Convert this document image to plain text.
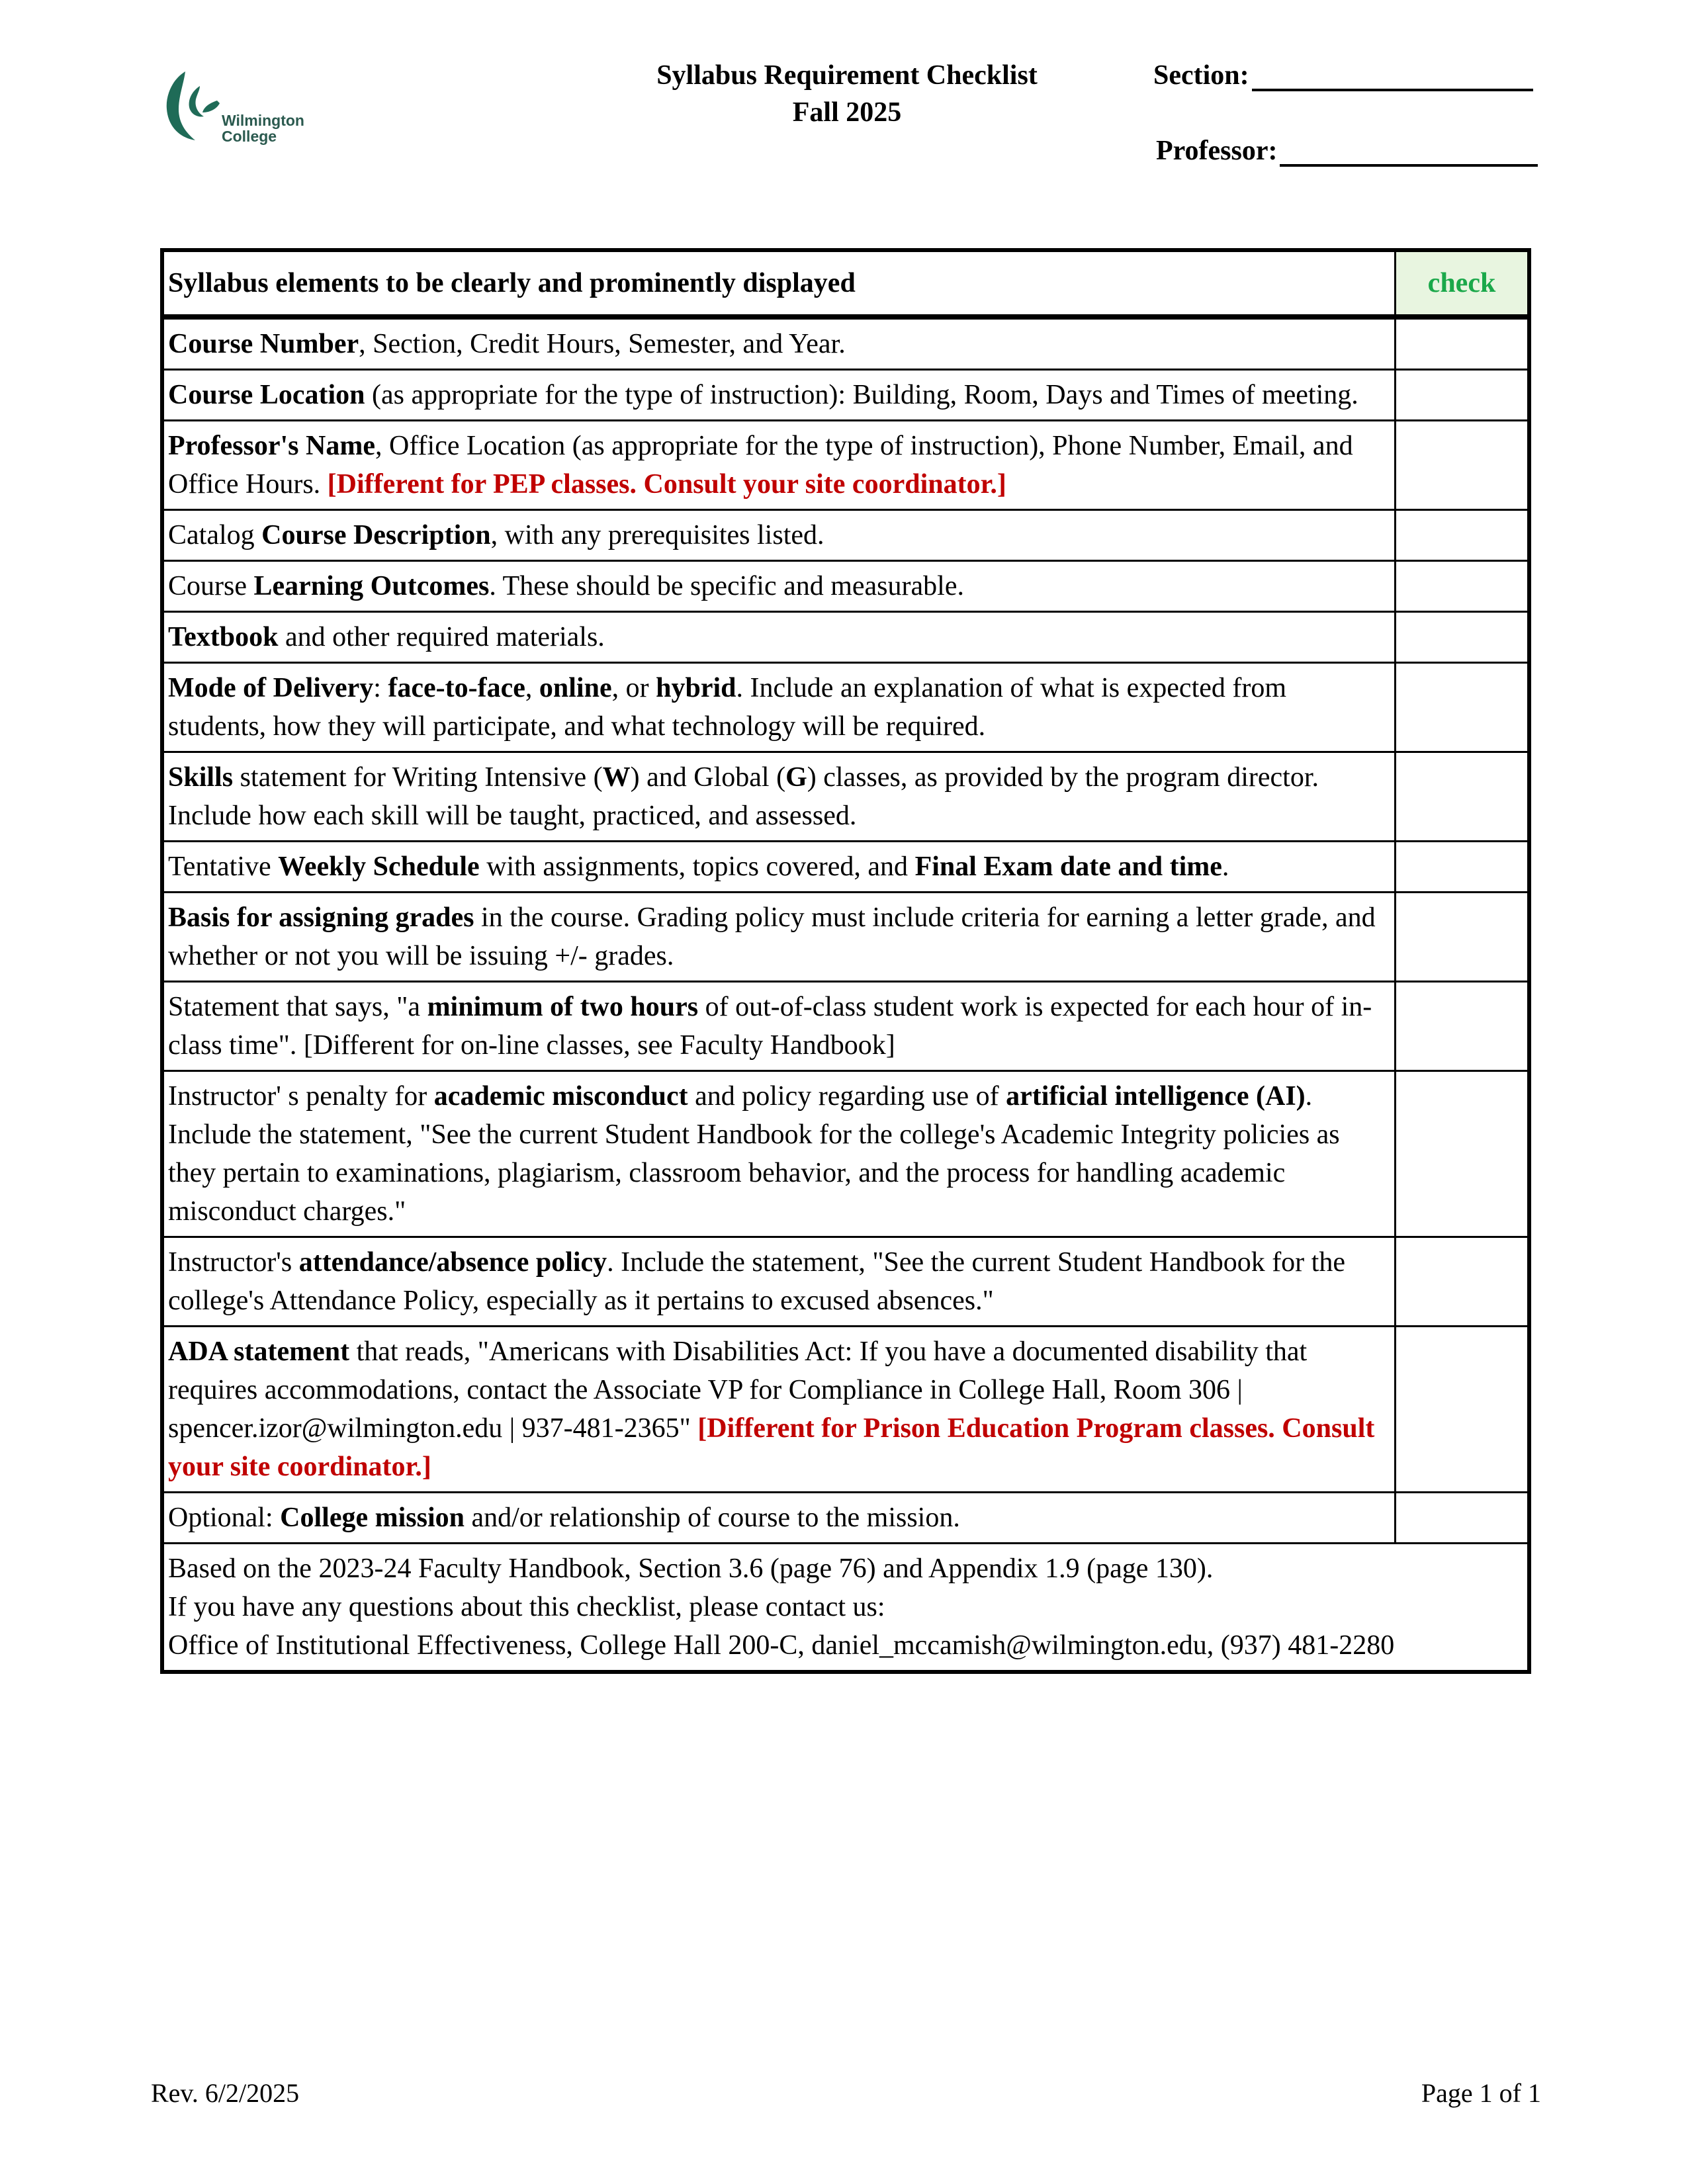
Wilmington
College
Syllabus Requirement Checklist
Fall 2025
Section:
Professor:
Syllabus elements to be clearly and prominently displayed	check
Course Number, Section, Credit Hours, Semester, and Year.	
Course Location (as appropriate for the type of instruction): Building, Room, Days and Times of meeting.	
Professor's Name, Office Location (as appropriate for the type of instruction), Phone Number, Email, and Office Hours. [Different for PEP classes. Consult your site coordinator.]	
Catalog Course Description, with any prerequisites listed.	
Course Learning Outcomes. These should be specific and measurable.	
Textbook and other required materials.	
Mode of Delivery: face-to-face, online, or hybrid. Include an explanation of what is expected from students, how they will participate, and what technology will be required.	
Skills statement for Writing Intensive (W) and Global (G) classes, as provided by the program director. Include how each skill will be taught, practiced, and assessed.	
Tentative Weekly Schedule with assignments, topics covered, and Final Exam date and time.	
Basis for assigning grades in the course. Grading policy must include criteria for earning a letter grade, and whether or not you will be issuing +/- grades.	
Statement that says, "a minimum of two hours of out-of-class student work is expected for each hour of in-class time". [Different for on-line classes, see Faculty Handbook]	
Instructor' s penalty for academic misconduct and policy regarding use of artificial intelligence (AI). Include the statement, "See the current Student Handbook for the college's Academic Integrity policies as they pertain to examinations, plagiarism, classroom behavior, and the process for handling academic misconduct charges."	
Instructor's attendance/absence policy. Include the statement, "See the current Student Handbook for the college's Attendance Policy, especially as it pertains to excused absences."	
ADA statement that reads, "Americans with Disabilities Act: If you have a documented disability that requires accommodations, contact the Associate VP for Compliance in College Hall, Room 306 | spencer.izor@wilmington.edu | 937-481-2365" [Different for Prison Education Program classes. Consult your site coordinator.]	
Optional: College mission and/or relationship of course to the mission.	

Based on the 2023-24 Faculty Handbook, Section 3.6 (page 76) and Appendix 1.9 (page 130).
If you have any questions about this checklist, please contact us:
Office of Institutional Effectiveness, College Hall 200-C, daniel_mccamish@wilmington.edu, (937) 481-2280	
Rev. 6/2/2025	Page 1 of 1
